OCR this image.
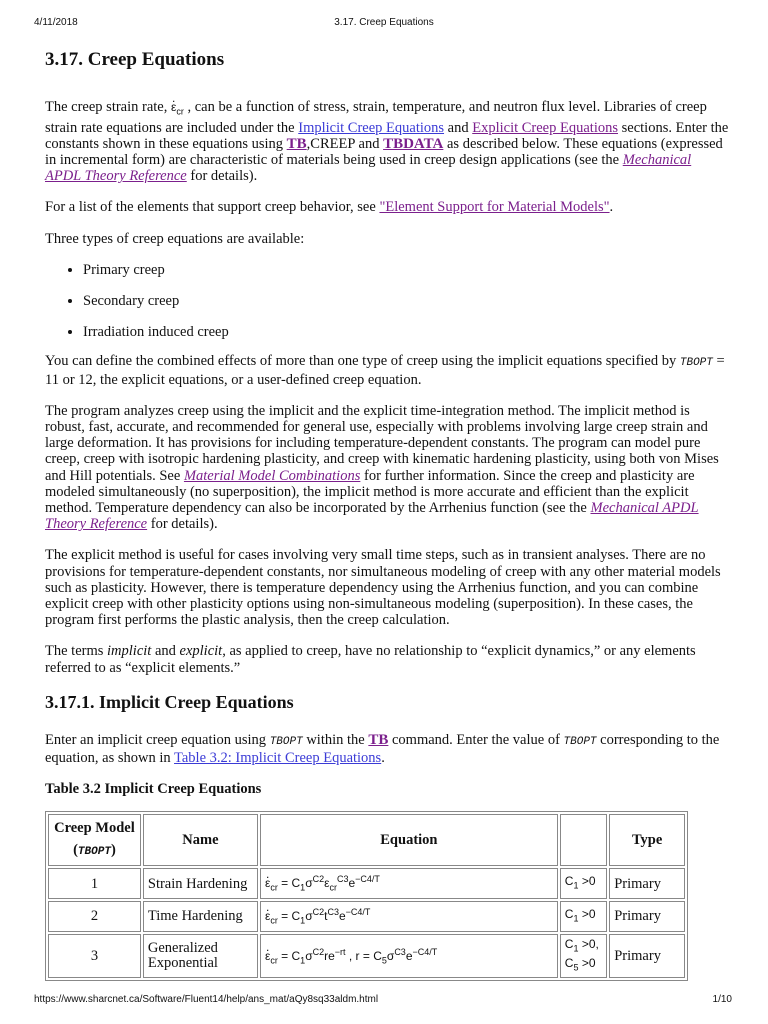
4/11/2018	3.17. Creep Equations
3.17. Creep Equations

The creep strain rate, . $\varepsilon_{cr}$ , can be a function of stress, strain, temperature, and neutron flux level. Libraries of creep strain rate equations are included under the Implicit Creep Equations and Explicit Creep Equations sections. Enter the constants shown in these equations using TB,CREEP and TBDATA as described below. These equations (expressed in incremental form) are characteristic of materials being used in creep design applications (see the Mechanical APDL Theory Reference for details).

For a list of the elements that support creep behavior, see "Element Support for Material Models".

Three types of creep equations are available:

• Primary creep
• Secondary creep
• Irradiation induced creep

You can define the combined effects of more than one type of creep using the implicit equations specified by TBOPT = 11 or 12, the explicit equations, or a user-defined creep equation.

The program analyzes creep using the implicit and the explicit time-integration method. The implicit method is robust, fast, accurate, and recommended for general use, especially with problems involving large creep strain and large deformation. It has provisions for including temperature-dependent constants. The program can model pure creep, creep with isotropic hardening plasticity, and creep with kinematic hardening plasticity, using both von Mises and Hill potentials. See Material Model Combinations for further information. Since the creep and plasticity are modeled simultaneously (no superposition), the implicit method is more accurate and efficient than the explicit method. Temperature dependency can also be incorporated by the Arrhenius function (see the Mechanical APDL Theory Reference for details).

The explicit method is useful for cases involving very small time steps, such as in transient analyses. There are no provisions for temperature-dependent constants, nor simultaneous modeling of creep with any other material models such as plasticity. However, there is temperature dependency using the Arrhenius function, and you can combine explicit creep with other plasticity options using non-simultaneous modeling (superposition). In these cases, the program first performs the plastic analysis, then the creep calculation.

The terms implicit and explicit, as applied to creep, have no relationship to “explicit dynamics,” or any elements referred to as “explicit elements.”

3.17.1. Implicit Creep Equations

Enter an implicit creep equation using TBOPT within the TB command. Enter the value of TBOPT corresponding to the equation, as shown in Table 3.2: Implicit Creep Equations.

Table 3.2 Implicit Creep Equations

Creep Model
(TBOPT)	Name	Equation		Type
1	Strain Hardening	. $\varepsilon_{cr} = C_1\sigma^{C2}\varepsilon_{cr}^{C3}e^{-C4/T}$	$C_1 >0$	Primary
2	Time Hardening	. $\varepsilon_{cr} = C_1\sigma^{C2}t^{C3}e^{-C4/T}$	$C_1 >0$	Primary
3	Generalized Exponential	. $\varepsilon_{cr} = C_1\sigma^{C2}re^{-rt}$ , $r = C_5\sigma^{C3}e^{-C4/T}$	$C_1 >0$,
$C_5 >0$	Primary
https://www.sharcnet.ca/Software/Fluent14/help/ans_mat/aQy8sq33aldm.html	1/10
